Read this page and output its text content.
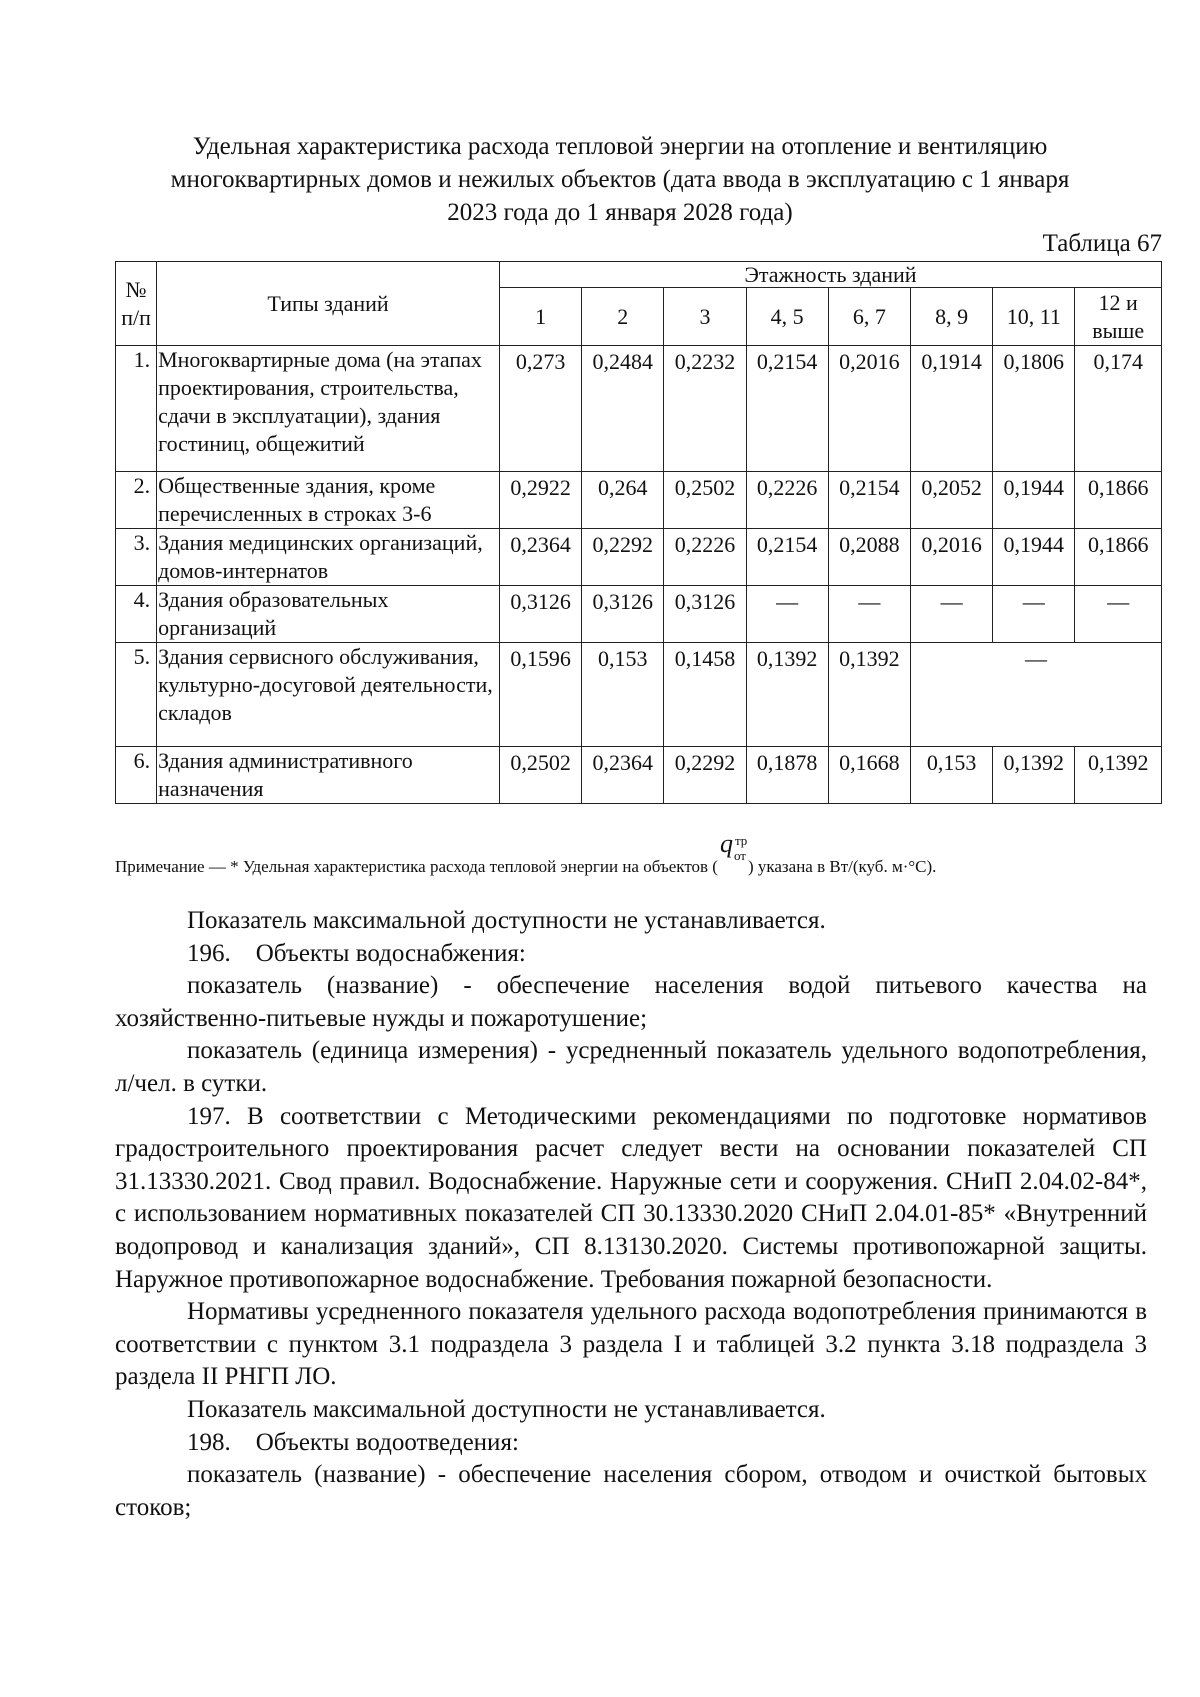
Удельная характеристика расхода тепловой энергии на отопление и вентиляцию многоквартирных домов и нежилых объектов (дата ввода в эксплуатацию с 1 января 2023 года до 1 января 2028 года)
Таблица 67
№ п/п	Типы зданий	Этажность зданий							
		1	2	3	4, 5	6, 7	8, 9	10, 11	12 и выше
1.	Многоквартирные дома (на этапах проектирования, строительства, сдачи в эксплуатации), здания гостиниц, общежитий	0,273	0,2484	0,2232	0,2154	0,2016	0,1914	0,1806	0,174
2.	Общественные здания, кроме перечисленных в строках 3-6	0,2922	0,264	0,2502	0,2226	0,2154	0,2052	0,1944	0,1866
3.	Здания медицинских организаций, домов-интернатов	0,2364	0,2292	0,2226	0,2154	0,2088	0,2016	0,1944	0,1866
4.	Здания образовательных организаций	0,3126	0,3126	0,3126	—	—	—	—	—
5.	Здания сервисного обслуживания, культурно-досуговой деятельности, складов	0,1596	0,153	0,1458	0,1392	0,1392	—		
6.	Здания административного назначения	0,2502	0,2364	0,2292	0,1878	0,1668	0,153	0,1392	0,1392
Примечание — * Удельная характеристика расхода тепловой энергии на объектов (
q тр
от
) указана в Вт/(куб. м·°С).

Показатель максимальной доступности не устанавливается.

196. Объекты водоснабжения:

показатель (название) - обеспечение населения водой питьевого качества на хозяйственно-питьевые нужды и пожаротушение;

показатель (единица измерения) - усредненный показатель удельного водопотребления, л/чел. в сутки.

197. В соответствии с Методическими рекомендациями по подготовке нормативов градостроительного проектирования расчет следует вести на основании показателей СП 31.13330.2021. Свод правил. Водоснабжение. Наружные сети и сооружения. СНиП 2.04.02-84*, с использованием нормативных показателей СП 30.13330.2020 СНиП 2.04.01-85* «Внутренний водопровод и канализация зданий», СП 8.13130.2020. Системы противопожарной защиты. Наружное противопожарное водоснабжение. Требования пожарной безопасности.

Нормативы усредненного показателя удельного расхода водопотребления принимаются в соответствии с пунктом 3.1 подраздела 3 раздела I и таблицей 3.2 пункта 3.18 подраздела 3 раздела II РНГП ЛО.

Показатель максимальной доступности не устанавливается.

198. Объекты водоотведения:

показатель (название) - обеспечение населения сбором, отводом и очисткой бытовых стоков;
